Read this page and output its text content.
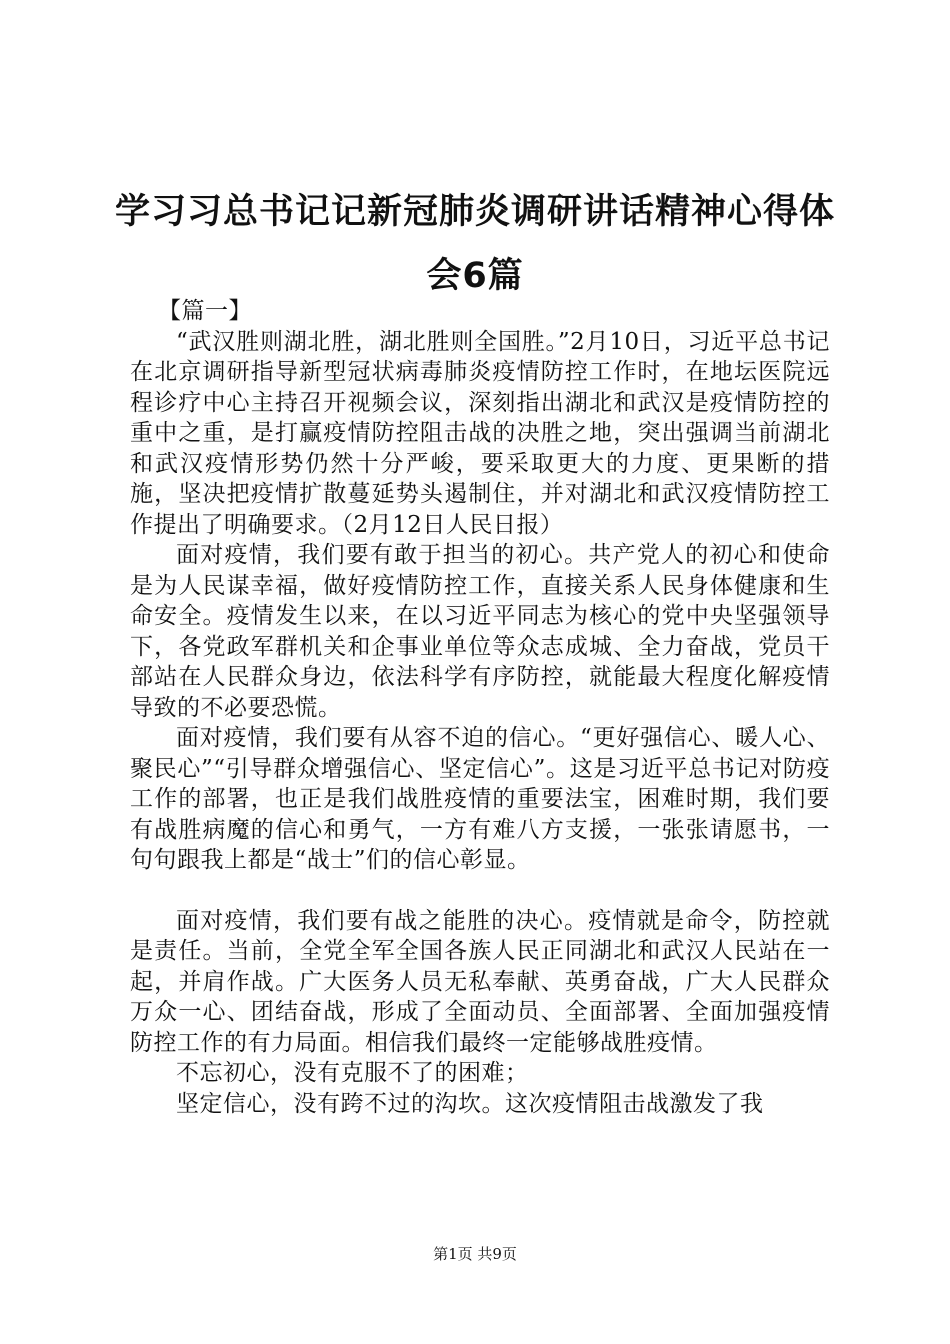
学习习总书记记新冠肺炎调研讲话精神心得体会6篇

【篇一】

“武汉胜则湖北胜，湖北胜则全国胜。”2月10日，习近平总书记在北京调研指导新型冠状病毒肺炎疫情防控工作时，在地坛医院远程诊疗中心主持召开视频会议，深刻指出湖北和武汉是疫情防控的重中之重，是打赢疫情防控阻击战的决胜之地，突出强调当前湖北和武汉疫情形势仍然十分严峻，要采取更大的力度、更果断的措施，坚决把疫情扩散蔓延势头遏制住，并对湖北和武汉疫情防控工作提出了明确要求。（2月12日人民日报）

面对疫情，我们要有敢于担当的初心。共产党人的初心和使命是为人民谋幸福，做好疫情防控工作，直接关系人民身体健康和生命安全。疫情发生以来，在以习近平同志为核心的党中央坚强领导下，各党政军群机关和企事业单位等众志成城、全力奋战，党员干部站在人民群众身边，依法科学有序防控，就能最大程度化解疫情导致的不必要恐慌。

面对疫情，我们要有从容不迫的信心。“更好强信心、暖人心、聚民心”“引导群众增强信心、坚定信心”。这是习近平总书记对防疫工作的部署，也正是我们战胜疫情的重要法宝，困难时期，我们要有战胜病魔的信心和勇气，一方有难八方支援，一张张请愿书，一句句跟我上都是“战士”们的信心彰显。

面对疫情，我们要有战之能胜的决心。疫情就是命令，防控就是责任。当前，全党全军全国各族人民正同湖北和武汉人民站在一起，并肩作战。广大医务人员无私奉献、英勇奋战，广大人民群众万众一心、团结奋战，形成了全面动员、全面部署、全面加强疫情防控工作的有力局面。相信我们最终一定能够战胜疫情。

不忘初心，没有克服不了的困难；

坚定信心，没有跨不过的沟坎。这次疫情阻击战激发了我

第1页 共9页
